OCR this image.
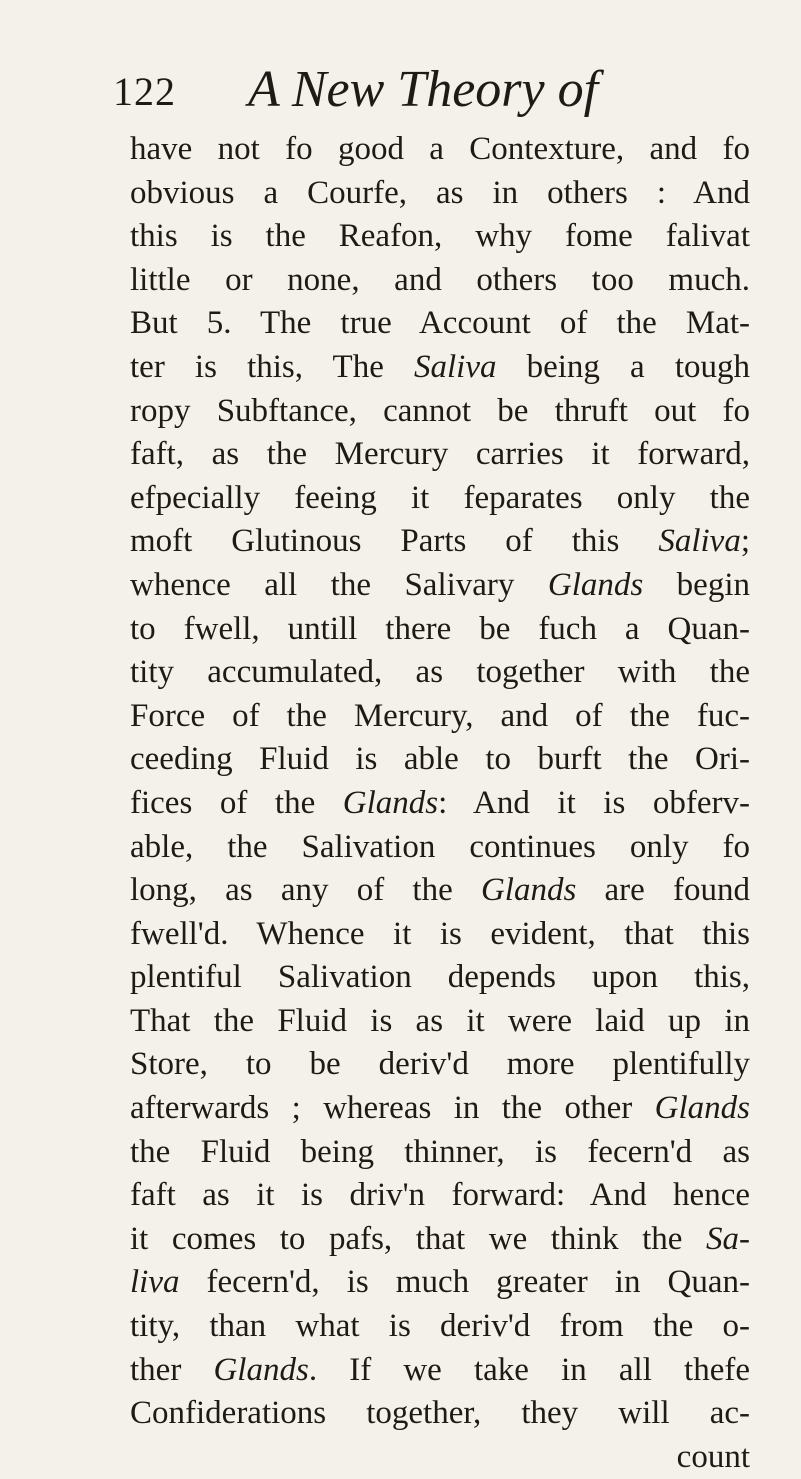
122 A New Theory of
have not fo good a Contexture, and fo
obvious a Courfe, as in others : And
this is the Reafon, why fome falivat
little or none, and others too much.
But 5. The true Account of the Mat-
ter is this, The Saliva being a tough
ropy Subftance, cannot be thruft out fo
faft, as the Mercury carries it forward,
efpecially feeing it feparates only the
moft Glutinous Parts of this Saliva;
whence all the Salivary Glands begin
to fwell, untill there be fuch a Quan-
tity accumulated, as together with the
Force of the Mercury, and of the fuc-
ceeding Fluid is able to burft the Ori-
fices of the Glands: And it is obferv-
able, the Salivation continues only fo
long, as any of the Glands are found
fwell'd. Whence it is evident, that this
plentiful Salivation depends upon this,
That the Fluid is as it were laid up in
Store, to be deriv'd more plentifully
afterwards ; whereas in the other Glands
the Fluid being thinner, is fecern'd as
faft as it is driv'n forward: And hence
it comes to pafs, that we think the Sa-
liva fecern'd, is much greater in Quan-
tity, than what is deriv'd from the o-
ther Glands. If we take in all thefe
Confiderations together, they will ac-
count
